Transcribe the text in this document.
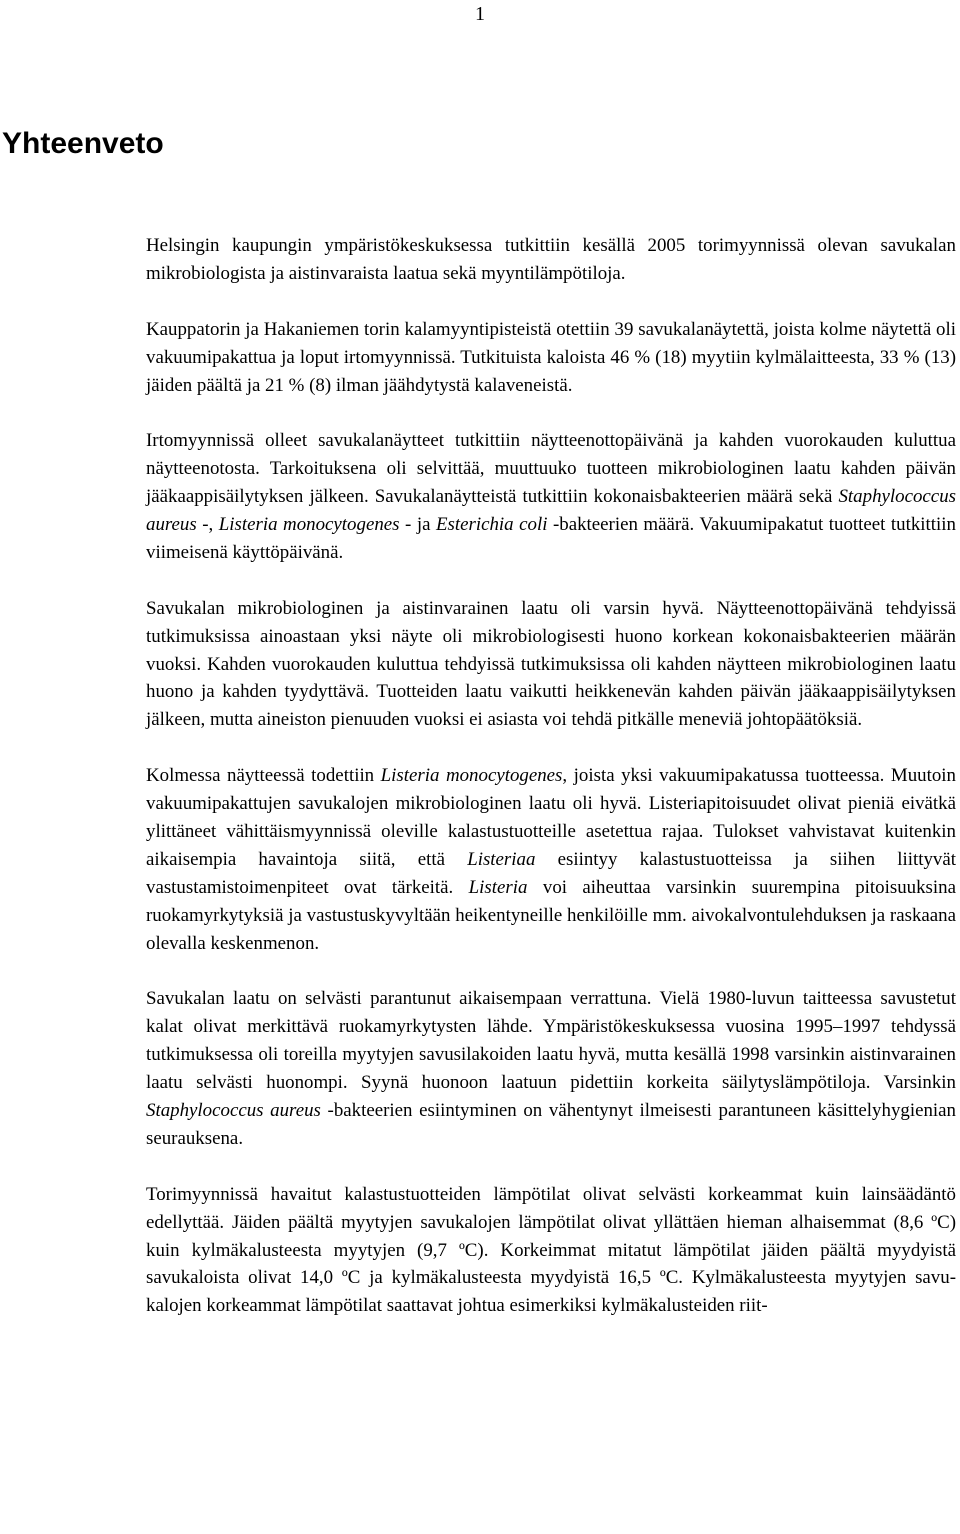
1
Yhteenveto

Helsingin kaupungin ympäristökeskuksessa tutkittiin kesällä 2005 torimyynnissä olevan savukalan mikrobiologista ja aistinvaraista laatua sekä myyntilämpötiloja.

Kauppatorin ja Hakaniemen torin kalamyyntipisteistä otettiin 39 savukalanäytettä, joista kolme näytettä oli vakuumipakattua ja loput irtomyynnissä. Tutkituista kaloista 46 % (18) myytiin kylmälaitteesta, 33 % (13) jäiden päältä ja 21 % (8) ilman jäähdytystä kalaveneistä.

Irtomyynnissä olleet savukalanäytteet tutkittiin näytteenottopäivänä ja kahden vuorokauden kuluttua näytteenotosta. Tarkoituksena oli selvittää, muuttuuko tuotteen mikrobiologinen laatu kahden päivän jääkaappisäilytyksen jälkeen. Savukalanäytteistä tutkittiin kokonaisbakteerien määrä sekä Staphylococcus aureus -, Listeria monocytogenes - ja Esterichia coli -bakteerien määrä. Vakuumipakatut tuotteet tutkittiin viimeisenä käyttöpäivänä.

Savukalan mikrobiologinen ja aistinvarainen laatu oli varsin hyvä. Näytteenottopäivänä tehdyissä tutkimuksissa ainoastaan yksi näyte oli mikrobiologisesti huono korkean kokonaisbakteerien määrän vuoksi. Kahden vuorokauden kuluttua tehdyissä tutkimuksissa oli kahden näytteen mikrobiologinen laatu huono ja kahden tyydyttävä. Tuotteiden laatu vaikutti heikkenevän kahden päivän jääkaappisäilytyksen jälkeen, mutta aineiston pienuuden vuoksi ei asiasta voi tehdä pitkälle meneviä johtopäätöksiä.

Kolmessa näytteessä todettiin Listeria monocytogenes, joista yksi vakuumipakatussa tuotteessa. Muutoin vakuumipakattujen savukalojen mikrobiologinen laatu oli hyvä. Listeriapitoisuudet olivat pieniä eivätkä ylittäneet vähittäismyynnissä oleville kalastustuotteille asetettua rajaa. Tulokset vahvistavat kuitenkin aikaisempia havaintoja siitä, että Listeriaa esiintyy kalastustuotteissa ja siihen liittyvät vastustamistoimenpiteet ovat tärkeitä. Listeria voi aiheuttaa varsinkin suurempina pitoisuuksina ruokamyrkytyksiä ja vastustuskyvyltään heikentyneille henkilöille mm. aivokalvontulehduksen ja raskaana olevalla keskenmenon.

Savukalan laatu on selvästi parantunut aikaisempaan verrattuna. Vielä 1980-luvun taitteessa savustetut kalat olivat merkittävä ruokamyrkytysten lähde. Ympäristökeskuksessa vuosina 1995–1997 tehdyssä tutkimuksessa oli toreilla myytyjen savusilakoiden laatu hyvä, mutta kesällä 1998 varsinkin aistinvarainen laatu selvästi huonompi. Syynä huonoon laatuun pidettiin korkeita säilytyslämpötiloja. Varsinkin Staphylococcus aureus -bakteerien esiintyminen on vähentynyt ilmeisesti parantuneen käsittelyhygienian seurauksena.

Torimyynnissä havaitut kalastustuotteiden lämpötilat olivat selvästi korkeammat kuin lainsäädäntö edellyttää. Jäiden päältä myytyjen savukalojen lämpötilat olivat yllättäen hieman alhaisemmat (8,6 ºC) kuin kylmäkalusteesta myytyjen (9,7 ºC). Korkeimmat mitatut lämpötilat jäiden päältä myydyistä savukaloista olivat 14,0 ºC ja kylmäkalusteesta myydyistä 16,5 ºC. Kylmäkalusteesta myytyjen savukalojen korkeammat lämpötilat saattavat johtua esimerkiksi kylmäkalusteiden riit-
